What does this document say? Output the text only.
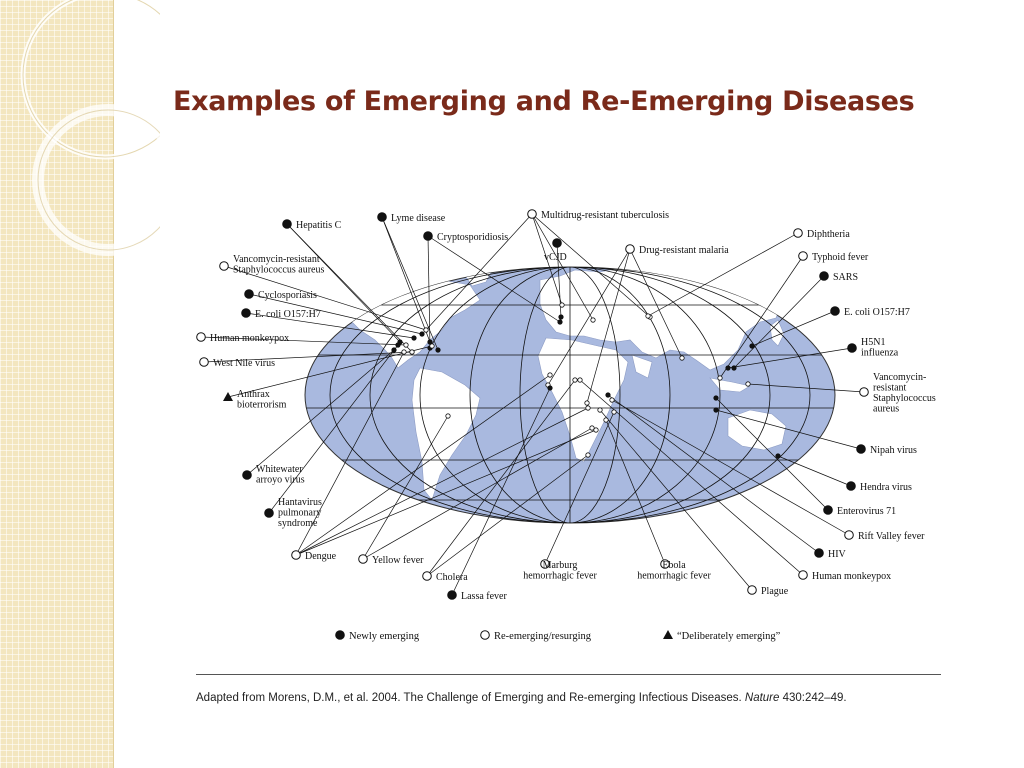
Examples of Emerging and Re-Emerging Diseases
Hepatitis C
Lyme disease	Multidrug-resistant tuberculosis
Cryptosporidiosis
vCJD
Drug-resistant malaria
Diphtheria
Typhoid fever
SARS
E. coli O157:H7
H5N1 influenza
Vancomycin-resistant Staphylococcus aureus
Nipah virus
Hendra virus
Enterovirus 71
Rift Valley fever
HIV
Human monkeypox
Plague
Ebola hemorrhagic fever
Marburg hemorrhagic fever
Lassa fever
Cholera
Yellow fever
Dengue
Hantavirus pulmonary syndrome
Whitewater arroyo virus
Anthrax bioterrorism
West Nile virus
Human monkeypox
E. coli O157:H7
Cyclosporiasis
Vancomycin-resistant Staphylococcus aureus
Newly emerging	Re-emerging/resurging	“Deliberately emerging”

Adapted from Morens, D.M., et al. 2004. The Challenge of Emerging and Re-emerging Infectious Diseases. Nature 430:242–49.
